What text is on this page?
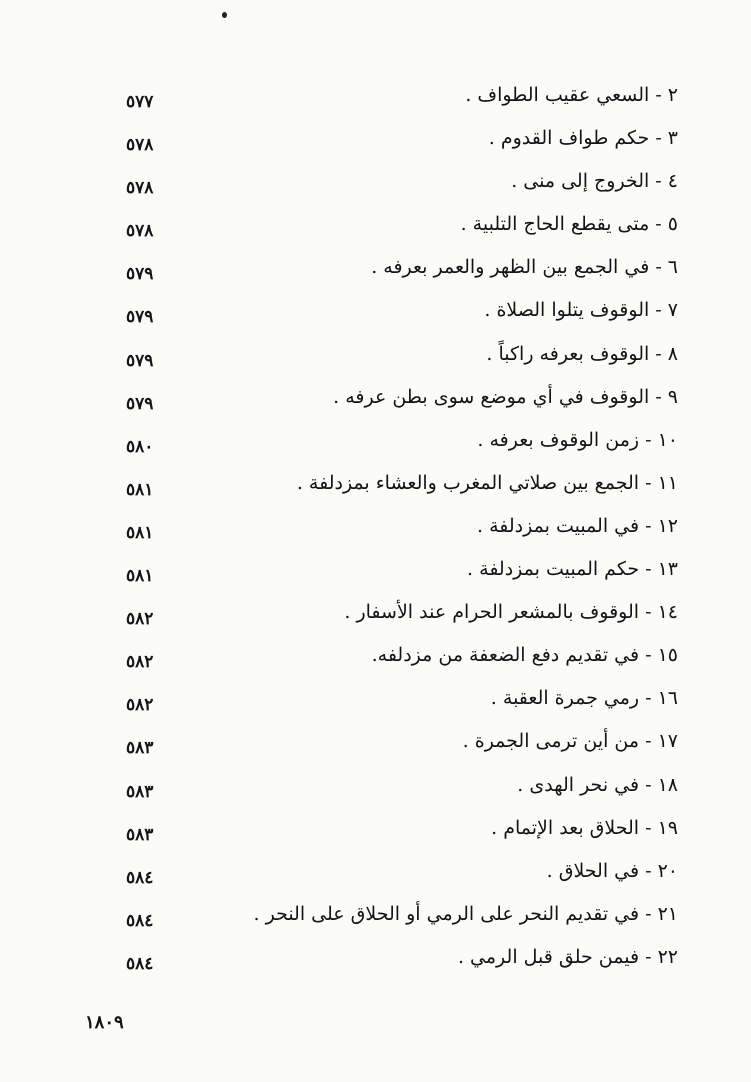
٢ - السعي عقيب الطواف .
٥٧٧
٣ - حكم طواف القدوم .
٥٧٨
٤ - الخروج إلى منى .
٥٧٨
٥ - متى يقطع الحاج التلبية .
٥٧٨
٦ - في الجمع بين الظهر والعمر بعرفه .
٥٧٩
٧ - الوقوف يتلوا الصلاة .
٥٧٩
٨ - الوقوف بعرفه راكباً .
٥٧٩
٩ - الوقوف في أي موضع سوى بطن عرفه .
٥٧٩
١٠ - زمن الوقوف بعرفه .
٥٨٠
١١ - الجمع بين صلاتي المغرب والعشاء بمزدلفة .
٥٨١
١٢ - في المبيت بمزدلفة .
٥٨١
١٣ - حكم المبيت بمزدلفة .
٥٨١
١٤ - الوقوف بالمشعر الحرام عند الأسفار .
٥٨٢
١٥ - في تقديم دفع الضعفة من مزدلفه.
٥٨٢
١٦ - رمي جمرة العقبة .
٥٨٢
١٧ - من أين ترمى الجمرة .
٥٨٣
١٨ - في نحر الهدى .
٥٨٣
١٩ - الحلاق بعد الإتمام .
٥٨٣
٢٠ - في الحلاق .
٥٨٤
٢١ - في تقديم النحر على الرمي أو الحلاق على النحر .
٥٨٤
٢٢ - فيمن حلق قبل الرمي .
٥٨٤
١٨٠٩
